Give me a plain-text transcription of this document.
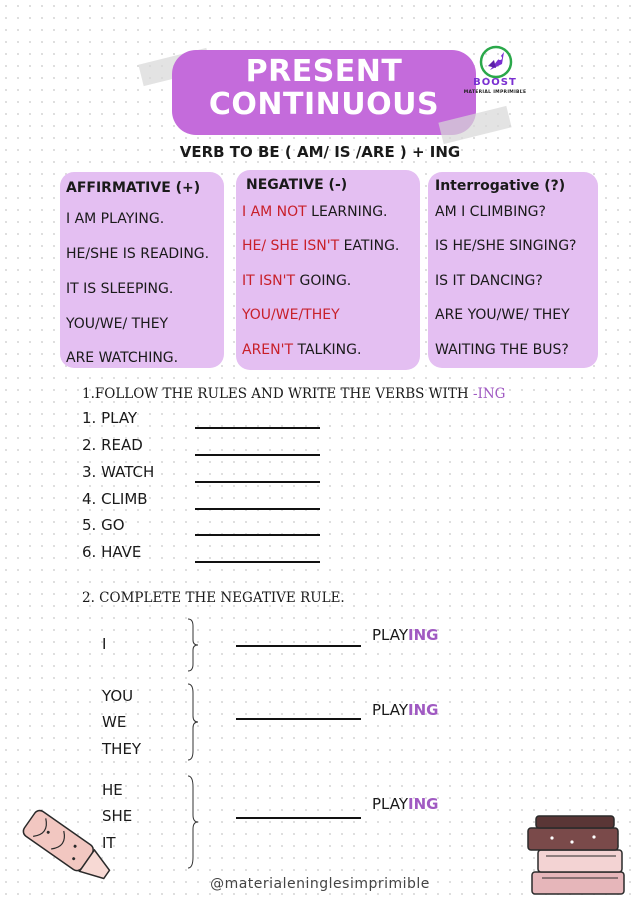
PRESENT
CONTINUOUS
BOOST
MATERIAL IMPRIMIBLE
VERB TO BE ( AM/ IS /ARE ) + ING
AFFIRMATIVE (+)
I AM PLAYING.
HE/SHE IS READING.
IT IS SLEEPING.
YOU/WE/ THEY
ARE WATCHING.
NEGATIVE (-)
I AM NOT LEARNING.
HE/ SHE ISN'T EATING.
IT ISN'T GOING.
YOU/WE/THEY
AREN'T TALKING.
Interrogative (?)
AM I CLIMBING?
IS HE/SHE SINGING?
IS IT DANCING?
ARE YOU/WE/ THEY
WAITING THE BUS?
1.FOLLOW THE RULES AND WRITE THE VERBS WITH -ING
1. PLAY
2. READ
3. WATCH
4. CLIMB
5. GO
6. HAVE
2. COMPLETE THE NEGATIVE RULE.
I	PLAYING
YOU
WE
THEY
PLAYING
HE
SHE
IT
PLAYING
@materialeninglesimprimible
